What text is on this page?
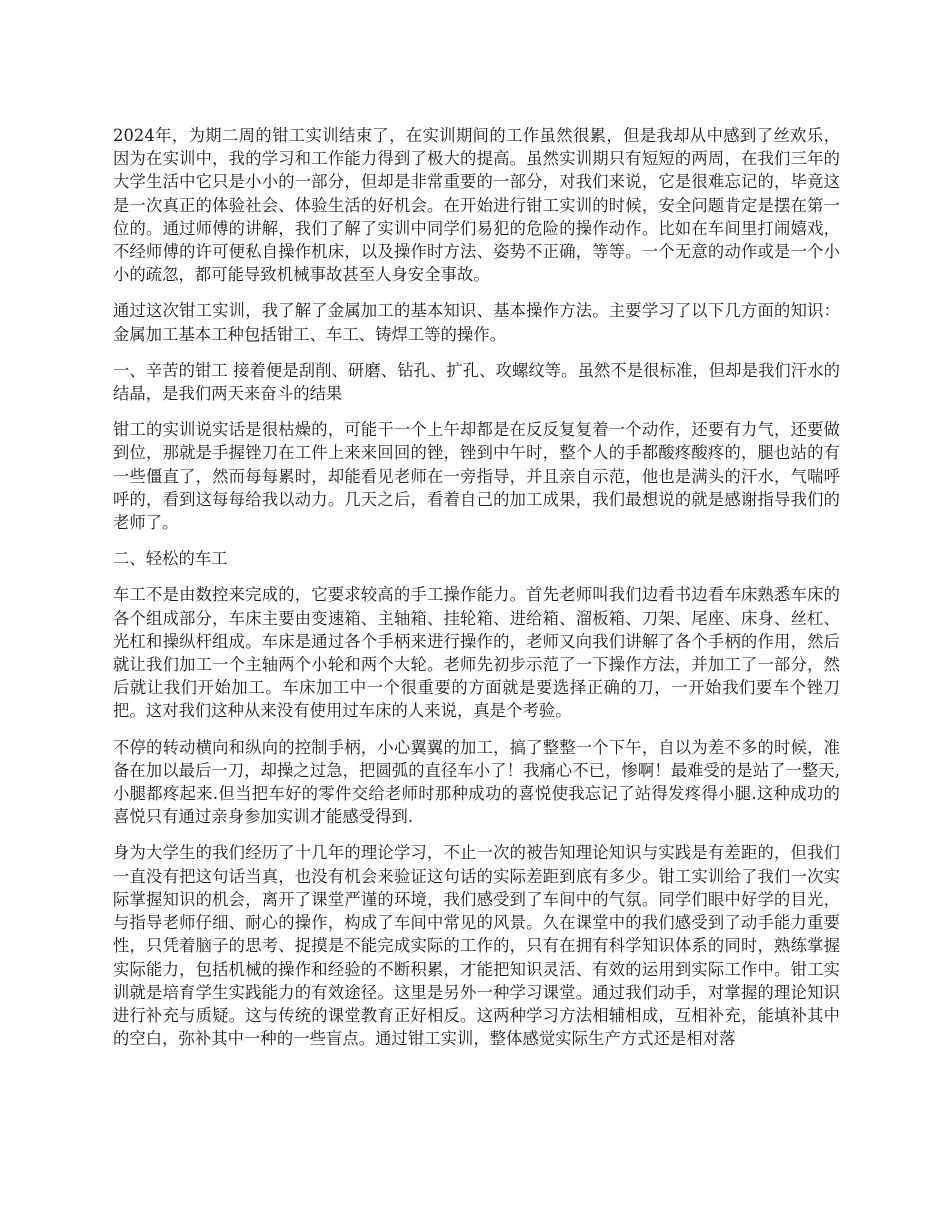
2024年，为期二周的钳工实训结束了，在实训期间的工作虽然很累，但是我却从中感到了丝欢乐，因为在实训中，我的学习和工作能力得到了极大的提高。虽然实训期只有短短的两周，在我们三年的大学生活中它只是小小的一部分，但却是非常重要的一部分，对我们来说，它是很难忘记的，毕竟这是一次真正的体验社会、体验生活的好机会。在开始进行钳工实训的时候，安全问题肯定是摆在第一位的。通过师傅的讲解，我们了解了实训中同学们易犯的危险的操作动作。比如在车间里打闹嬉戏，不经师傅的许可便私自操作机床，以及操作时方法、姿势不正确，等等。一个无意的动作或是一个小小的疏忽，都可能导致机械事故甚至人身安全事故。

通过这次钳工实训，我了解了金属加工的基本知识、基本操作方法。主要学习了以下几方面的知识：金属加工基本工种包括钳工、车工、铸焊工等的操作。

一、辛苦的钳工 接着便是刮削、研磨、钻孔、扩孔、攻螺纹等。虽然不是很标准，但却是我们汗水的结晶，是我们两天来奋斗的结果

钳工的实训说实话是很枯燥的，可能干一个上午却都是在反反复复着一个动作，还要有力气，还要做到位，那就是手握锉刀在工件上来来回回的锉，锉到中午时，整个人的手都酸疼酸疼的，腿也站的有一些僵直了，然而每每累时，却能看见老师在一旁指导，并且亲自示范，他也是满头的汗水，气喘呼呼的，看到这每每给我以动力。几天之后，看着自己的加工成果，我们最想说的就是感谢指导我们的老师了。

二、轻松的车工

车工不是由数控来完成的，它要求较高的手工操作能力。首先老师叫我们边看书边看车床熟悉车床的各个组成部分，车床主要由变速箱、主轴箱、挂轮箱、进给箱、溜板箱、刀架、尾座、床身、丝杠、光杠和操纵杆组成。车床是通过各个手柄来进行操作的，老师又向我们讲解了各个手柄的作用，然后就让我们加工一个主轴两个小轮和两个大轮。老师先初步示范了一下操作方法，并加工了一部分，然后就让我们开始加工。车床加工中一个很重要的方面就是要选择正确的刀，一开始我们要车个锉刀把。这对我们这种从来没有使用过车床的人来说，真是个考验。

不停的转动横向和纵向的控制手柄，小心翼翼的加工，搞了整整一个下午，自以为差不多的时候，准备在加以最后一刀，却操之过急，把圆弧的直径车小了！我痛心不已，惨啊！最难受的是站了一整天,小腿都疼起来.但当把车好的零件交给老师时那种成功的喜悦使我忘记了站得发疼得小腿.这种成功的喜悦只有通过亲身参加实训才能感受得到.

身为大学生的我们经历了十几年的理论学习，不止一次的被告知理论知识与实践是有差距的，但我们一直没有把这句话当真，也没有机会来验证这句话的实际差距到底有多少。钳工实训给了我们一次实际掌握知识的机会，离开了课堂严谨的环境，我们感受到了车间中的气氛。同学们眼中好学的目光，与指导老师仔细、耐心的操作，构成了车间中常见的风景。久在课堂中的我们感受到了动手能力重要性，只凭着脑子的思考、捉摸是不能完成实际的工作的，只有在拥有科学知识体系的同时，熟练掌握实际能力，包括机械的操作和经验的不断积累，才能把知识灵活、有效的运用到实际工作中。钳工实训就是培育学生实践能力的有效途径。这里是另外一种学习课堂。通过我们动手，对掌握的理论知识进行补充与质疑。这与传统的课堂教育正好相反。这两种学习方法相辅相成，互相补充，能填补其中的空白，弥补其中一种的一些盲点。通过钳工实训，整体感觉实际生产方式还是相对落
